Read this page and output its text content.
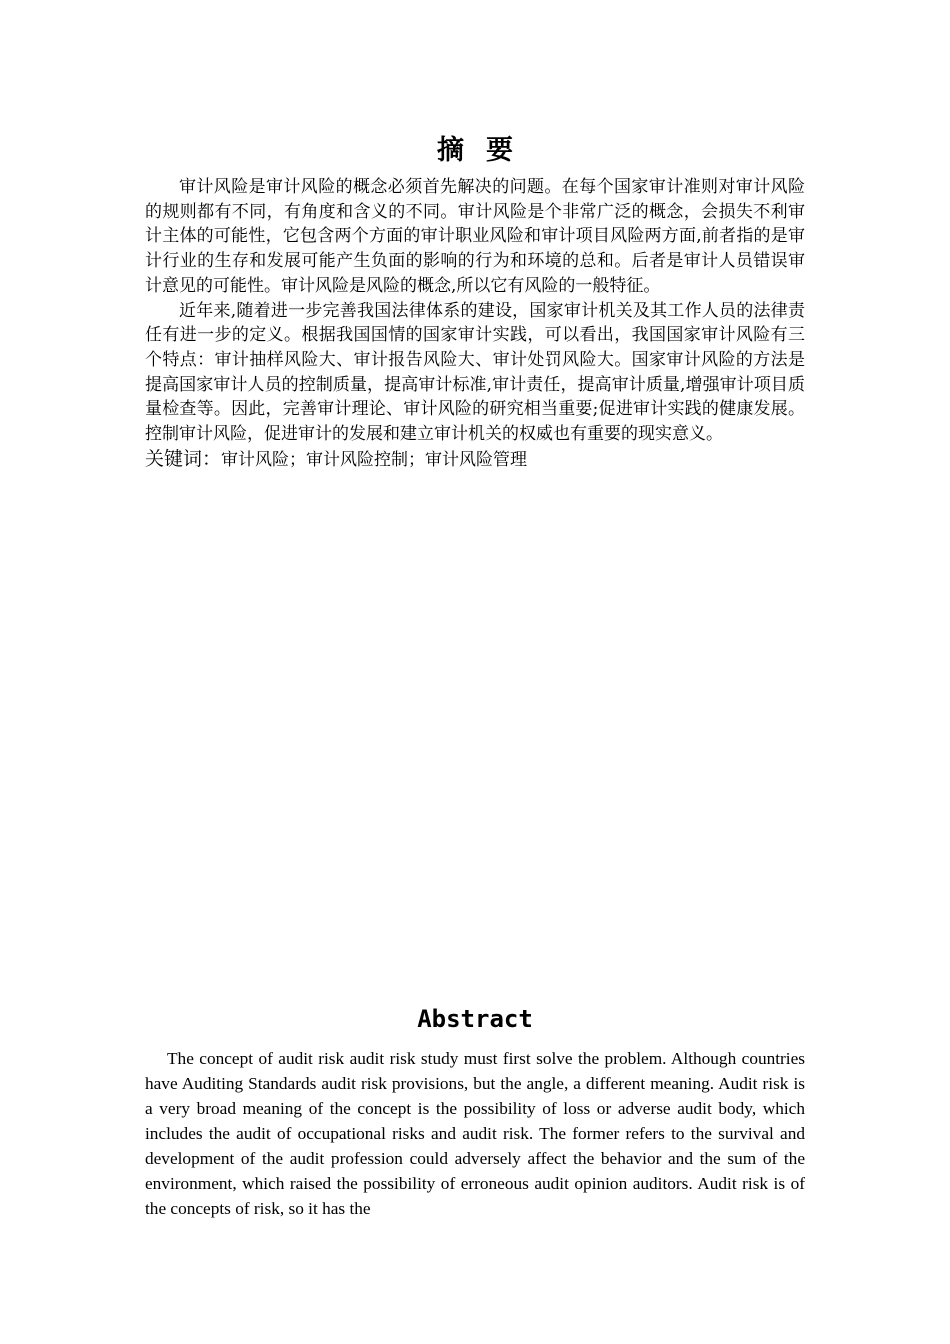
摘要

审计风险是审计风险的概念必须首先解决的问题。在每个国家审计准则对审计风险的规则都有不同，有角度和含义的不同。审计风险是个非常广泛的概念，会损失不利审计主体的可能性，它包含两个方面的审计职业风险和审计项目风险两方面,前者指的是审计行业的生存和发展可能产生负面的影响的行为和环境的总和。后者是审计人员错误审计意见的可能性。审计风险是风险的概念,所以它有风险的一般特征。

近年来,随着进一步完善我国法律体系的建设，国家审计机关及其工作人员的法律责任有进一步的定义。根据我国国情的国家审计实践，可以看出，我国国家审计风险有三个特点：审计抽样风险大、审计报告风险大、审计处罚风险大。国家审计风险的方法是提高国家审计人员的控制质量，提高审计标准,审计责任，提高审计质量,增强审计项目质量检查等。因此，完善审计理论、审计风险的研究相当重要;促进审计实践的健康发展。控制审计风险，促进审计的发展和建立审计机关的权威也有重要的现实意义。

关键词：审计风险；审计风险控制；审计风险管理
Abstract

The concept of audit risk audit risk study must first solve the problem. Although countries have Auditing Standards audit risk provisions, but the angle, a different meaning. Audit risk is a very broad meaning of the concept is the possibility of loss or adverse audit body, which includes the audit of occupational risks and audit risk. The former refers to the survival and development of the audit profession could adversely affect the behavior and the sum of the environment, which raised the possibility of erroneous audit opinion auditors. Audit risk is of the concepts of risk, so it has the
